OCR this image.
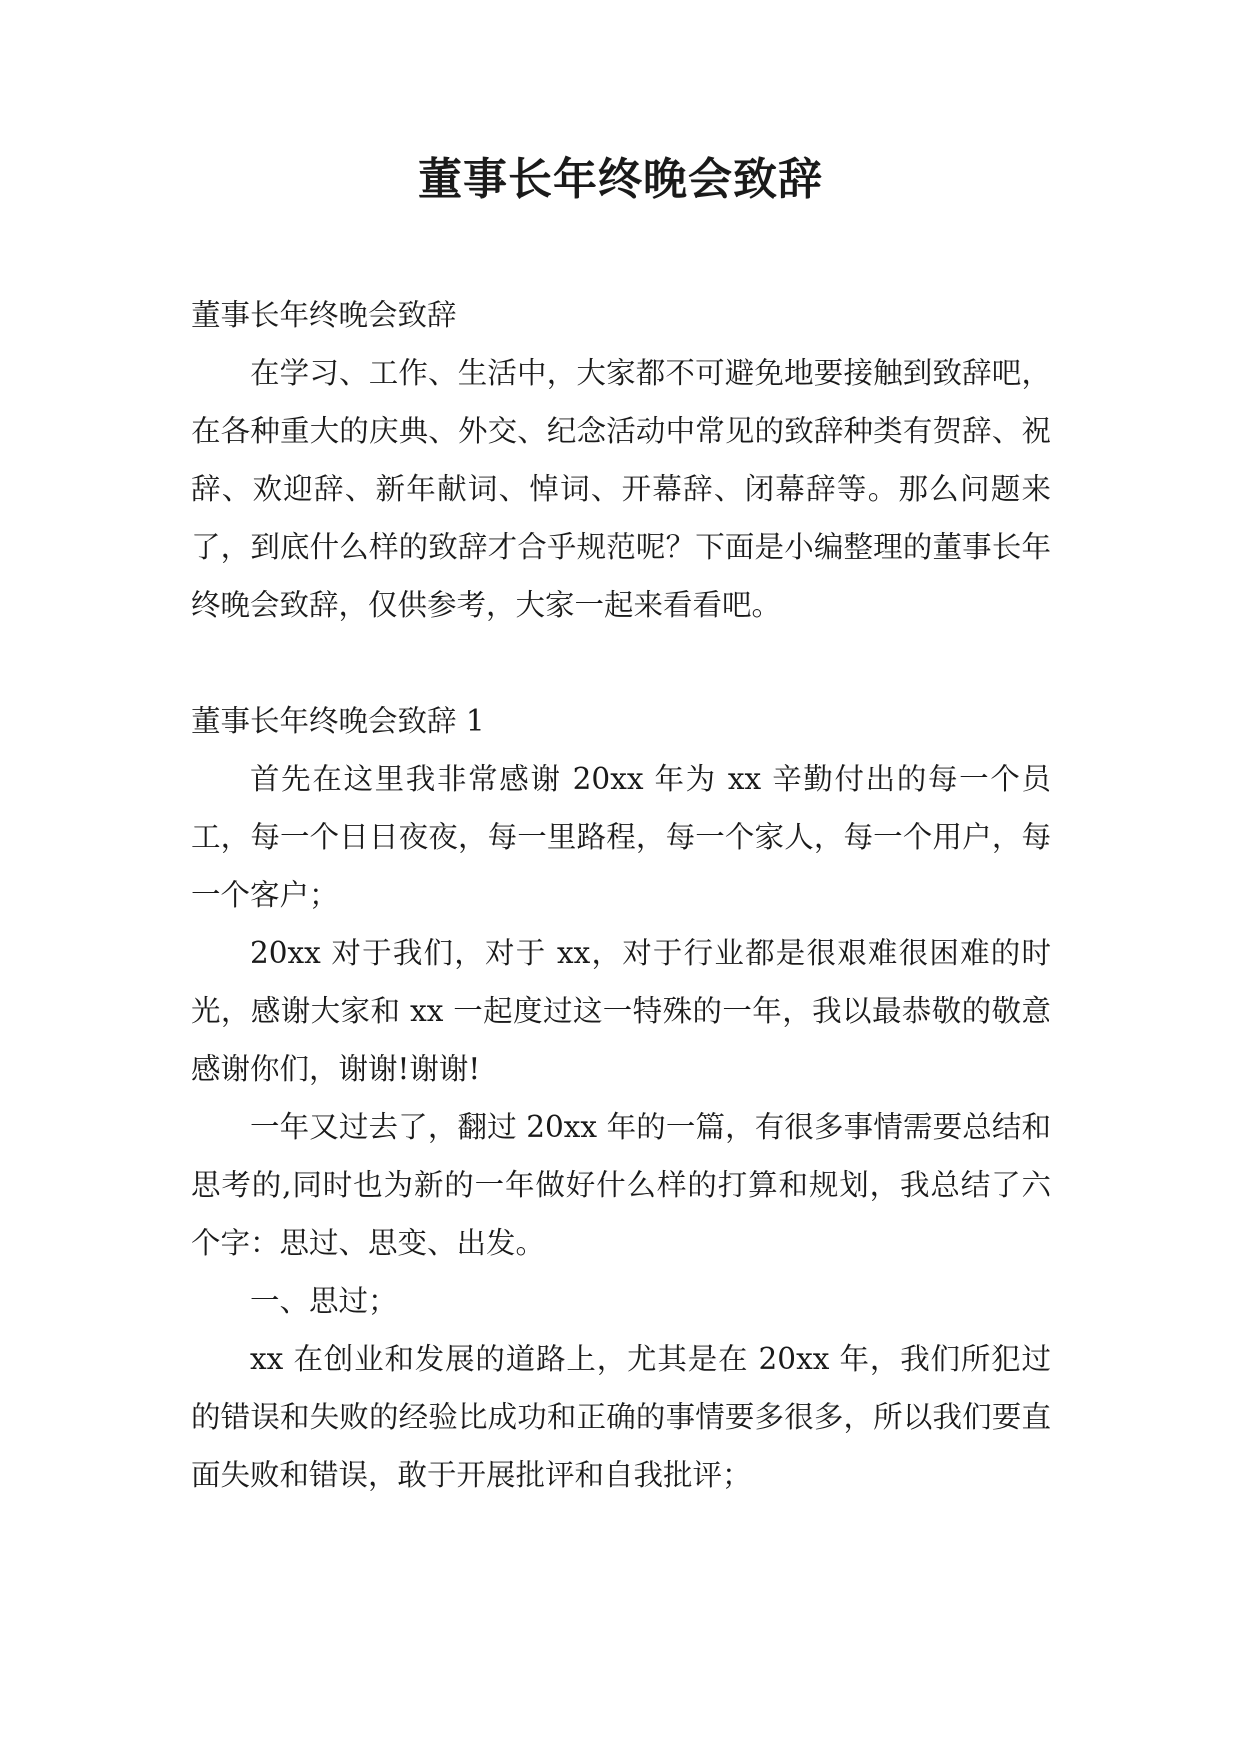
董事长年终晚会致辞

董事长年终晚会致辞

在学习、工作、生活中，大家都不可避免地要接触到致辞吧，在各种重大的庆典、外交、纪念活动中常见的致辞种类有贺辞、祝辞、欢迎辞、新年献词、悼词、开幕辞、闭幕辞等。那么问题来了，到底什么样的致辞才合乎规范呢？下面是小编整理的董事长年终晚会致辞，仅供参考，大家一起来看看吧。

董事长年终晚会致辞 1

首先在这里我非常感谢 20xx 年为 xx 辛勤付出的每一个员工，每一个日日夜夜，每一里路程，每一个家人，每一个用户，每一个客户；

20xx 对于我们，对于 xx，对于行业都是很艰难很困难的时光，感谢大家和 xx 一起度过这一特殊的一年，我以最恭敬的敬意感谢你们，谢谢!谢谢!

一年又过去了，翻过 20xx 年的一篇，有很多事情需要总结和思考的,同时也为新的一年做好什么样的打算和规划，我总结了六个字：思过、思变、出发。

一、思过；

xx 在创业和发展的道路上，尤其是在 20xx 年，我们所犯过的错误和失败的经验比成功和正确的事情要多很多，所以我们要直面失败和错误，敢于开展批评和自我批评；
